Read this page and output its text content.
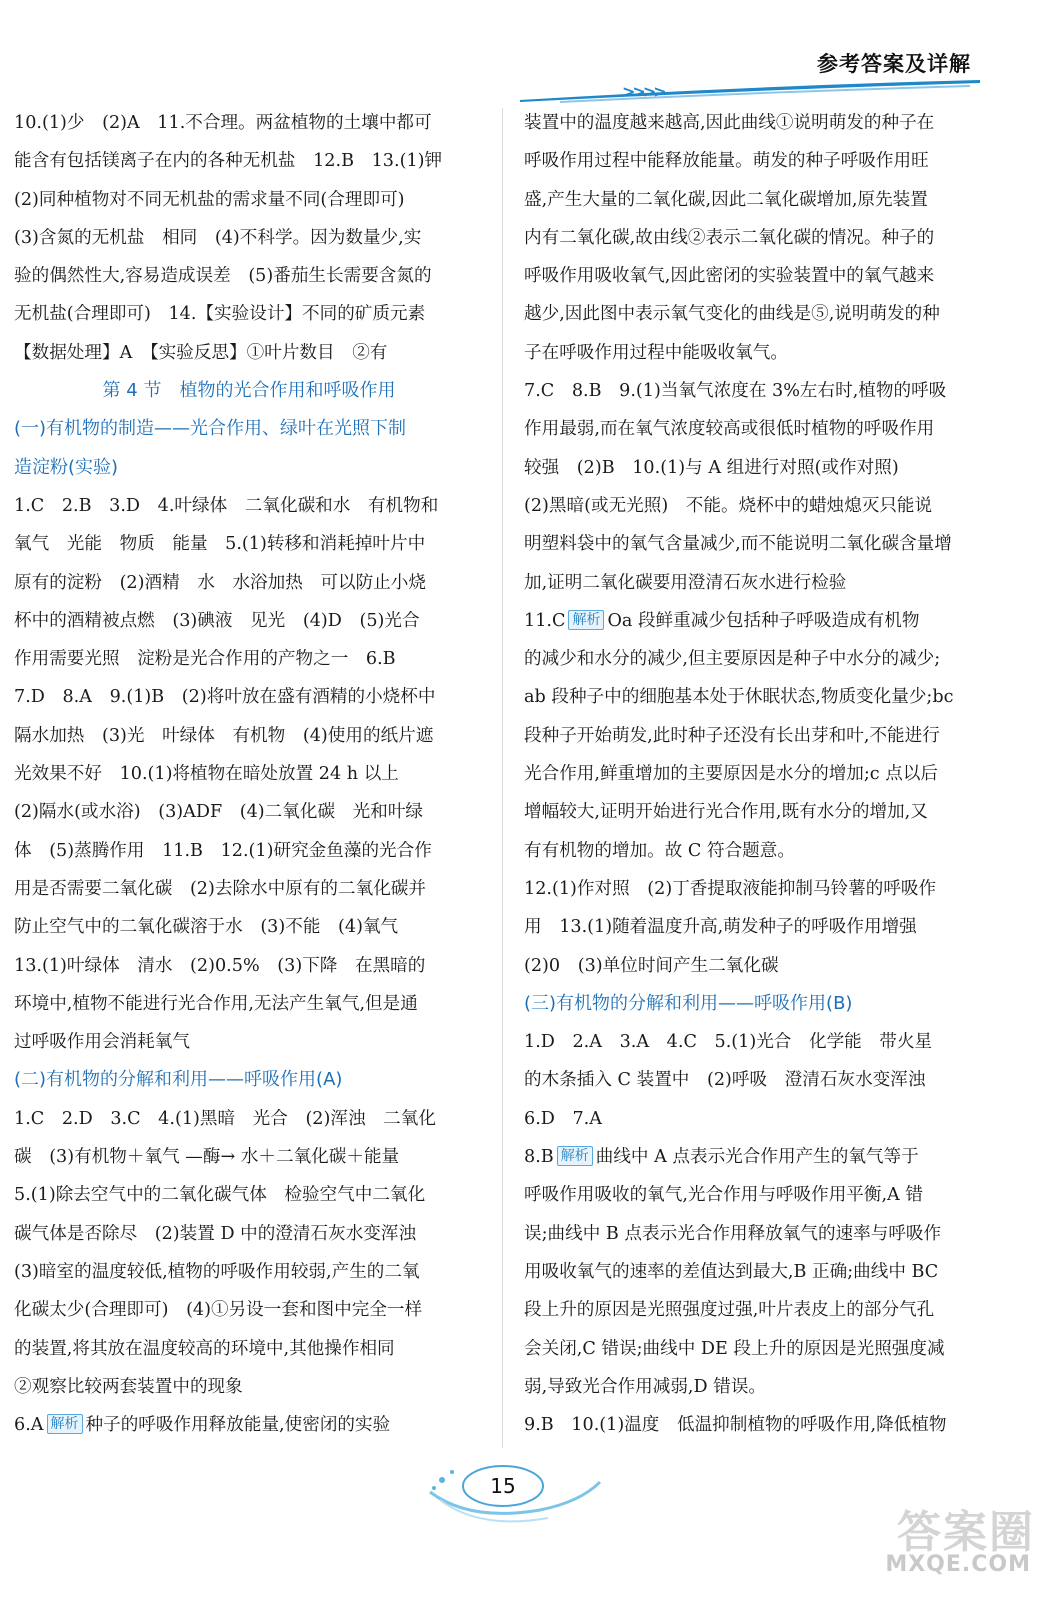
>>>>
参考答案及详解
10.(1)少　(2)A　11.不合理。两盆植物的土壤中都可
能含有包括镁离子在内的各种无机盐　12.B　13.(1)钾
(2)同种植物对不同无机盐的需求量不同(合理即可)
(3)含氮的无机盐　相同　(4)不科学。因为数量少,实
验的偶然性大,容易造成误差　(5)番茄生长需要含氮的
无机盐(合理即可)　14.【实验设计】不同的矿质元素
【数据处理】A　【实验反思】①叶片数目　②有
第 4 节　植物的光合作用和呼吸作用
(一)有机物的制造——光合作用、绿叶在光照下制
造淀粉(实验)
1.C　2.B　3.D　4.叶绿体　二氧化碳和水　有机物和
氧气　光能　物质　能量　5.(1)转移和消耗掉叶片中
原有的淀粉　(2)酒精　水　水浴加热　可以防止小烧
杯中的酒精被点燃　(3)碘液　见光　(4)D　(5)光合
作用需要光照　淀粉是光合作用的产物之一　6.B
7.D　8.A　9.(1)B　(2)将叶放在盛有酒精的小烧杯中
隔水加热　(3)光　叶绿体　有机物　(4)使用的纸片遮
光效果不好　10.(1)将植物在暗处放置 24 h 以上
(2)隔水(或水浴)　(3)ADF　(4)二氧化碳　光和叶绿
体　(5)蒸腾作用　11.B　12.(1)研究金鱼藻的光合作
用是否需要二氧化碳　(2)去除水中原有的二氧化碳并
防止空气中的二氧化碳溶于水　(3)不能　(4)氧气
13.(1)叶绿体　清水　(2)0.5%　(3)下降　在黑暗的
环境中,植物不能进行光合作用,无法产生氧气,但是通
过呼吸作用会消耗氧气
(二)有机物的分解和利用——呼吸作用(A)
1.C　2.D　3.C　4.(1)黑暗　光合　(2)浑浊　二氧化
碳　(3)有机物＋氧气 —酶→ 水＋二氧化碳＋能量
5.(1)除去空气中的二氧化碳气体　检验空气中二氧化
碳气体是否除尽　(2)装置 D 中的澄清石灰水变浑浊
(3)暗室的温度较低,植物的呼吸作用较弱,产生的二氧
化碳太少(合理即可)　(4)①另设一套和图中完全一样
的装置,将其放在温度较高的环境中,其他操作相同
②观察比较两套装置中的现象
6.A 解析 种子的呼吸作用释放能量,使密闭的实验
装置中的温度越来越高,因此曲线①说明萌发的种子在
呼吸作用过程中能释放能量。萌发的种子呼吸作用旺
盛,产生大量的二氧化碳,因此二氧化碳增加,原先装置
内有二氧化碳,故由线②表示二氧化碳的情况。种子的
呼吸作用吸收氧气,因此密闭的实验装置中的氧气越来
越少,因此图中表示氧气变化的曲线是⑤,说明萌发的种
子在呼吸作用过程中能吸收氧气。
7.C　8.B　9.(1)当氧气浓度在 3%左右时,植物的呼吸
作用最弱,而在氧气浓度较高或很低时植物的呼吸作用
较强　(2)B　10.(1)与 A 组进行对照(或作对照)
(2)黑暗(或无光照)　不能。烧杯中的蜡烛熄灭只能说
明塑料袋中的氧气含量减少,而不能说明二氧化碳含量增
加,证明二氧化碳要用澄清石灰水进行检验
11.C 解析 Oa 段鲜重减少包括种子呼吸造成有机物
的减少和水分的减少,但主要原因是种子中水分的减少;
ab 段种子中的细胞基本处于休眠状态,物质变化量少;bc
段种子开始萌发,此时种子还没有长出芽和叶,不能进行
光合作用,鲜重增加的主要原因是水分的增加;c 点以后
增幅较大,证明开始进行光合作用,既有水分的增加,又
有有机物的增加。故 C 符合题意。
12.(1)作对照　(2)丁香提取液能抑制马铃薯的呼吸作
用　13.(1)随着温度升高,萌发种子的呼吸作用增强
(2)0　(3)单位时间产生二氧化碳
(三)有机物的分解和利用——呼吸作用(B)
1.D　2.A　3.A　4.C　5.(1)光合　化学能　带火星
的木条插入 C 装置中　(2)呼吸　澄清石灰水变浑浊
6.D　7.A
8.B 解析 曲线中 A 点表示光合作用产生的氧气等于
呼吸作用吸收的氧气,光合作用与呼吸作用平衡,A 错
误;曲线中 B 点表示光合作用释放氧气的速率与呼吸作
用吸收氧气的速率的差值达到最大,B 正确;曲线中 BC
段上升的原因是光照强度过强,叶片表皮上的部分气孔
会关闭,C 错误;曲线中 DE 段上升的原因是光照强度减
弱,导致光合作用减弱,D 错误。
9.B　10.(1)温度　低温抑制植物的呼吸作用,降低植物
15
答案圈
MXQE.COM
